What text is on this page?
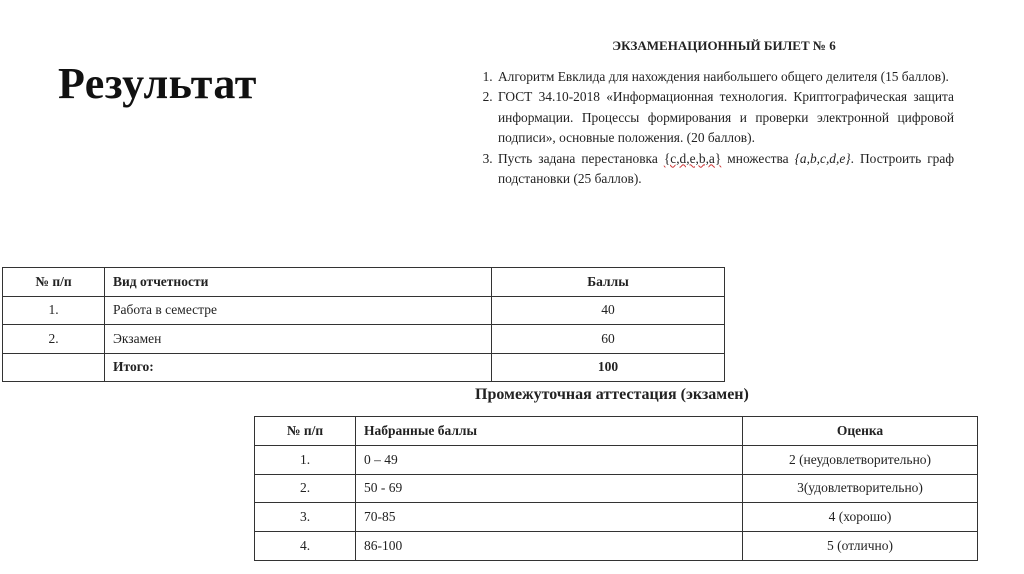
Результат
ЭКЗАМЕНАЦИОННЫЙ БИЛЕТ № 6
1. Алгоритм Евклида для нахождения наибольшего общего делителя (15 баллов).
2. ГОСТ 34.10-2018 «Информационная технология. Криптографическая защита информации. Процессы формирования и проверки электронной цифровой подписи», основные положения. (20 баллов).
3. Пусть задана перестановка {c,d,e,b,a} множества {a,b,c,d,e}. Построить граф подстановки (25 баллов).
№ п/п	Вид отчетности	Баллы
1.	Работа в семестре	40
2.	Экзамен	60
	Итого:	100
Промежуточная аттестация (экзамен)
№ п/п	Набранные баллы	Оценка
1.	0 – 49	2 (неудовлетворительно)
2.	50 - 69	3(удовлетворительно)
3.	70-85	4 (хорошо)
4.	86-100	5 (отлично)
